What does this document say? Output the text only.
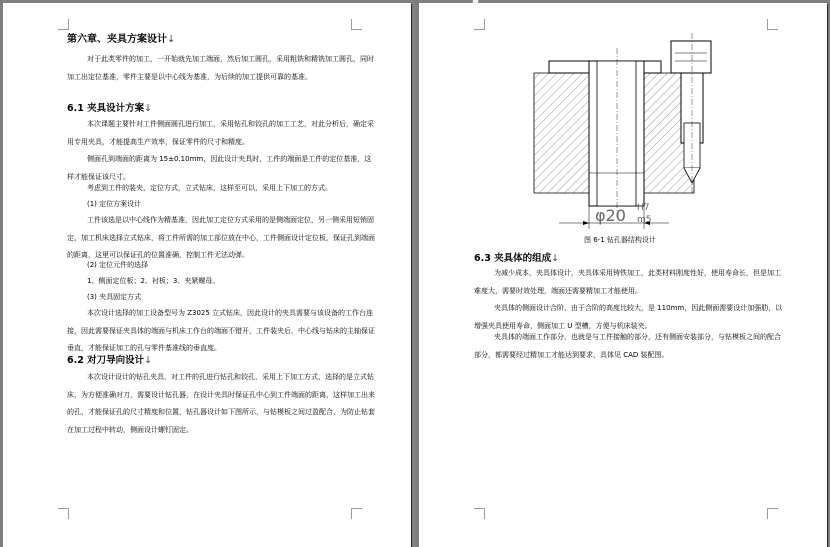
第六章、夹具方案设计↓
对于此类零件的加工，一开始就先加工端面，然后加工圆孔，采用粗铣和精铣加工圆孔，同时加工出定位基准，零件主要是以中心线为基准，为后续的加工提供可靠的基准。
6.1 夹具设计方案↓
本次课题主要针对工件侧面圆孔进行加工，采用钻孔和铰孔的加工工艺，对此分析后，确定采用专用夹具，才能提高生产效率，保证零件的尺寸和精度。
侧面孔到端面的距离为 15±0.10mm，因此设计夹具时，工件的端面是工件的定位基准，这样才能保证该尺寸。
考虑到工件的装夹，定位方式，立式钻床，这样至可以，采用上下加工的方式。
(1) 定位方案设计
工件该选是以中心线作为精基准，因此加工定位方式采用的是侧端面定位，另一侧采用短销固定，加工机床选择立式钻床，将工件所需的加工部位放在中心，工件侧面设计定位板，保证孔到端面的距离，这里可以保证孔的位置准确，控制工件无法动弹。
(2) 定位元件的选择
1、侧面定位板；2、衬板；3、夹紧螺母。
(3) 夹具固定方式
本次设计选择的加工设备型号为 Z3025 立式钻床，因此设计的夹具需要与该设备的工作台连接，因此需要保证夹具体的端面与机床工作台的端面不错开，工件装夹后，中心线与钻床的主轴保证垂直，才能保证加工的孔与零件基准线的垂直度。
6.2 对刀导向设计↓
本次设计设计的钻孔夹具，对工件的孔进行钻孔和铰孔，采用上下加工方式，选择的是立式钻床，为方便准确对刀，需要设计钻孔器，在设计夹具时保证孔中心到工件端面的距离，这样加工出来的孔，才能保证孔的尺寸精度和位置，钻孔器设计如下图所示，与钻模板之间过盈配合，为防止钻套在加工过程中转动，侧面设计螺钉固定。
φ20 H7
m5
图 6-1 钻孔器结构设计
6.3 夹具体的组成↓
为减少成本，夹具体设计，夹具体采用铸铁加工，此类材料刚度性好，使用寿命长，但是加工难度大，需要时效处理，端面还需要精加工才能使用。
夹具体的侧面设计合阶，由于合阶的高度比较大，是 110mm，因此侧面需要设计加强肋，以增强夹具使用寿命，侧面加工 U 型槽，方便与机床装夹。
夹具体的端面工作部分，也就是与工件接触的部分，还有侧面安装部分，与钻模板之间的配合部分，都需要经过精加工才能达到要求，具体见 CAD 装配图。
